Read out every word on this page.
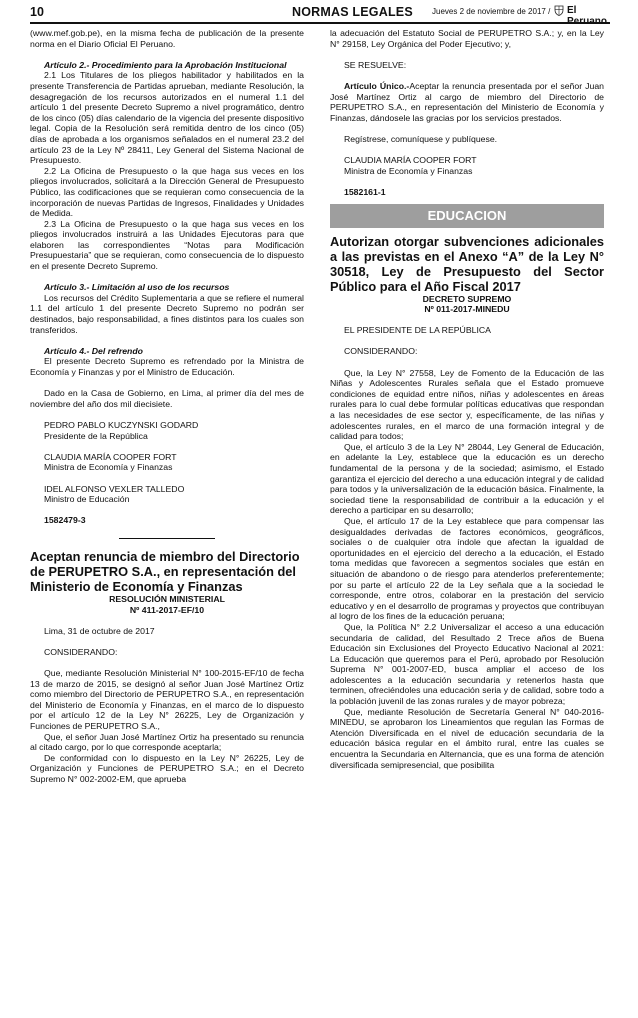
10	NORMAS LEGALES Jueves 2 de noviembre de 2017 / El

(www.mef.gob.pe), en la misma fecha de publicación de la presente norma en el Diario Oficial El Peruano.

Artículo 2.- Procedimiento para la Aprobación Institucional

2.1 Los Titulares de los pliegos habilitador y habilitados en la presente Transferencia de Partidas aprueban, mediante Resolución, la desagregación de los recursos autorizados en el numeral 1.1 del artículo 1 del presente Decreto Supremo a nivel programático, dentro de los cinco (05) días calendario de la vigencia del presente dispositivo legal. Copia de la Resolución será remitida dentro de los cinco (05) días de aprobada a los organismos señalados en el numeral 23.2 del artículo 23 de la Ley Nº 28411, Ley General del Sistema Nacional de Presupuesto.

2.2 La Oficina de Presupuesto o la que haga sus veces en los pliegos involucrados, solicitará a la Dirección General de Presupuesto Público, las codificaciones que se requieran como consecuencia de la incorporación de nuevas Partidas de Ingresos, Finalidades y Unidades de Medida.

2.3 La Oficina de Presupuesto o la que haga sus veces en los pliegos involucrados instruirá a las Unidades Ejecutoras para que elaboren las correspondientes “Notas para Modificación Presupuestaria” que se requieran, como consecuencia de lo dispuesto en el presente Decreto Supremo.

Artículo 3.- Limitación al uso de los recursos

Los recursos del Crédito Suplementaria a que se refiere el numeral 1.1 del artículo 1 del presente Decreto Supremo no podrán ser destinados, bajo responsabilidad, a fines distintos para los cuales son transferidos.

Artículo 4.- Del refrendo

El presente Decreto Supremo es refrendado por la Ministra de Economía y Finanzas y por el Ministro de Educación.

Dado en la Casa de Gobierno, en Lima, al primer día del mes de noviembre del año dos mil diecisiete.

PEDRO PABLO KUCZYNSKI GODARD

Presidente de la República

CLAUDIA MARÍA COOPER FORT

Ministra de Economía y Finanzas

IDEL ALFONSO VEXLER TALLEDO

Ministro de Educación

1582479-3

Aceptan renuncia de miembro del Directorio de PERUPETRO S.A., en representación del Ministerio de Economía y Finanzas

RESOLUCIÓN MINISTERIAL

Nº 411-2017-EF/10

Lima, 31 de octubre de 2017

CONSIDERANDO:

Que, mediante Resolución Ministerial N° 100-2015-EF/10 de fecha 13 de marzo de 2015, se designó al señor Juan José Martínez Ortiz como miembro del Directorio de PERUPETRO S.A., en representación del Ministerio de Economía y Finanzas, en el marco de lo dispuesto por el artículo 12 de la Ley N° 26225, Ley de Organización y Funciones de PERUPETRO S.A.,

Que, el señor Juan José Martínez Ortiz ha presentado su renuncia al citado cargo, por lo que corresponde aceptarla;

De conformidad con lo dispuesto en la Ley N° 26225, Ley de Organización y Funciones de PERUPETRO S.A.; en el Decreto Supremo N° 002-2002-EM, que aprueba

la adecuación del Estatuto Social de PERUPETRO S.A.; y, en la Ley N° 29158, Ley Orgánica del Poder Ejecutivo; y,

SE RESUELVE:

Artículo Único.-Aceptar la renuncia presentada por el señor Juan José Martínez Ortiz al cargo de miembro del Directorio de PERUPETRO S.A., en representación del Ministerio de Economía y Finanzas, dándosele las gracias por los servicios prestados.

Regístrese, comuníquese y publíquese.

CLAUDIA MARÍA COOPER FORT

Ministra de Economía y Finanzas

1582161-1

EDUCACION

Autorizan otorgar subvenciones adicionales a las previstas en el Anexo “A” de la Ley N° 30518, Ley de Presupuesto del Sector Público para el Año Fiscal 2017

DECRETO SUPREMO

Nº 011-2017-MINEDU

EL PRESIDENTE DE LA REPÚBLICA

CONSIDERANDO:

Que, la Ley N° 27558, Ley de Fomento de la Educación de las Niñas y Adolescentes Rurales señala que el Estado promueve condiciones de equidad entre niños, niñas y adolescentes en áreas rurales para lo cual debe formular políticas educativas que respondan a las necesidades de ese sector y, específicamente, de las niñas y adolescentes rurales, en el marco de una formación integral y de calidad para todos;

Que, el artículo 3 de la Ley N° 28044, Ley General de Educación, en adelante la Ley, establece que la educación es un derecho fundamental de la persona y de la sociedad; asimismo, el Estado garantiza el ejercicio del derecho a una educación integral y de calidad para todos y la universalización de la educación básica. Finalmente, la sociedad tiene la responsabilidad de contribuir a la educación y el derecho a participar en su desarrollo;

Que, el artículo 17 de la Ley establece que para compensar las desigualdades derivadas de factores económicos, geográficos, sociales o de cualquier otra índole que afectan la igualdad de oportunidades en el ejercicio del derecho a la educación, el Estado toma medidas que favorecen a segmentos sociales que están en situación de abandono o de riesgo para atenderlos preferentemente; por su parte el artículo 22 de la Ley señala que a la sociedad le corresponde, entre otros, colaborar en la prestación del servicio educativo y en el desarrollo de programas y proyectos que contribuyan al logro de los fines de la educación peruana;

Que, la Política N° 2.2 Universalizar el acceso a una educación secundaria de calidad, del Resultado 2 Trece años de Buena Educación sin Exclusiones del Proyecto Educativo Nacional al 2021: La Educación que queremos para el Perú, aprobado por Resolución Suprema N° 001-2007-ED, busca ampliar el acceso de los adolescentes a la educación secundaria y retenerlos hasta que terminen, ofreciéndoles una educación seria y de calidad, sobre todo a la población juvenil de las zonas rurales y de mayor pobreza;

Que, mediante Resolución de Secretaría General N° 040-2016-MINEDU, se aprobaron los Lineamientos que regulan las Formas de Atención Diversificada en el nivel de educación secundaria de la educación básica regular en el ámbito rural, entre las cuales se encuentra la Secundaria en Alternancia, que es una forma de atención diversificada semipresencial, que posibilita
